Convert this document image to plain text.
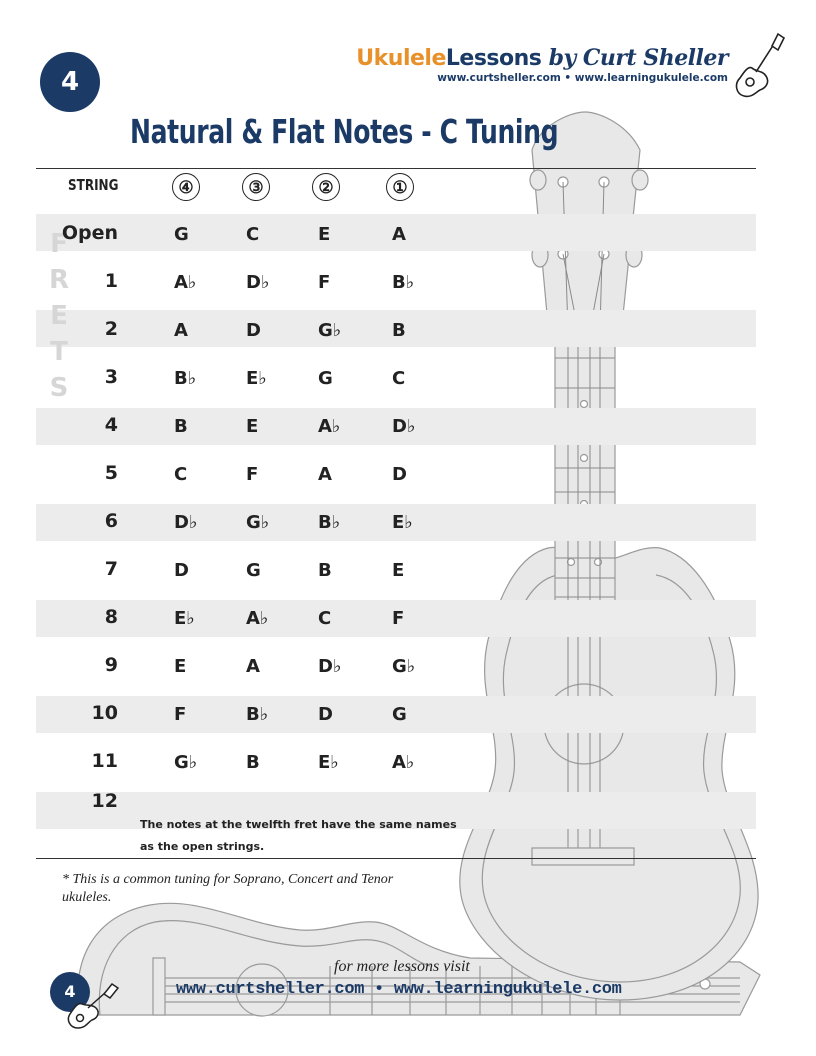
4
UkuleleLessons by Curt Sheller
www.curtsheller.com • www.learningukulele.com
Natural & Flat Notes - C Tuning
STRING	④	③	②	①
F
R
E
T
S
Open	G	C	E	A
1	A♭	D♭	F	B♭
2	A	D	G♭	B
3	B♭	E♭	G	C
4	B	E	A♭	D♭
5	C	F	A	D
6	D♭	G♭	B♭	E♭
7	D	G	B	E
8	E♭	A♭	C	F
9	E	A	D♭	G♭
10	F	B♭	D	G
11	G♭	B	E♭	A♭
12
The notes at the twelfth fret have the same names as the open strings.
* This is a common tuning for Soprano, Concert and Tenor ukuleles.
4
for more lessons visit
www.curtsheller.com • www.learningukulele.com
